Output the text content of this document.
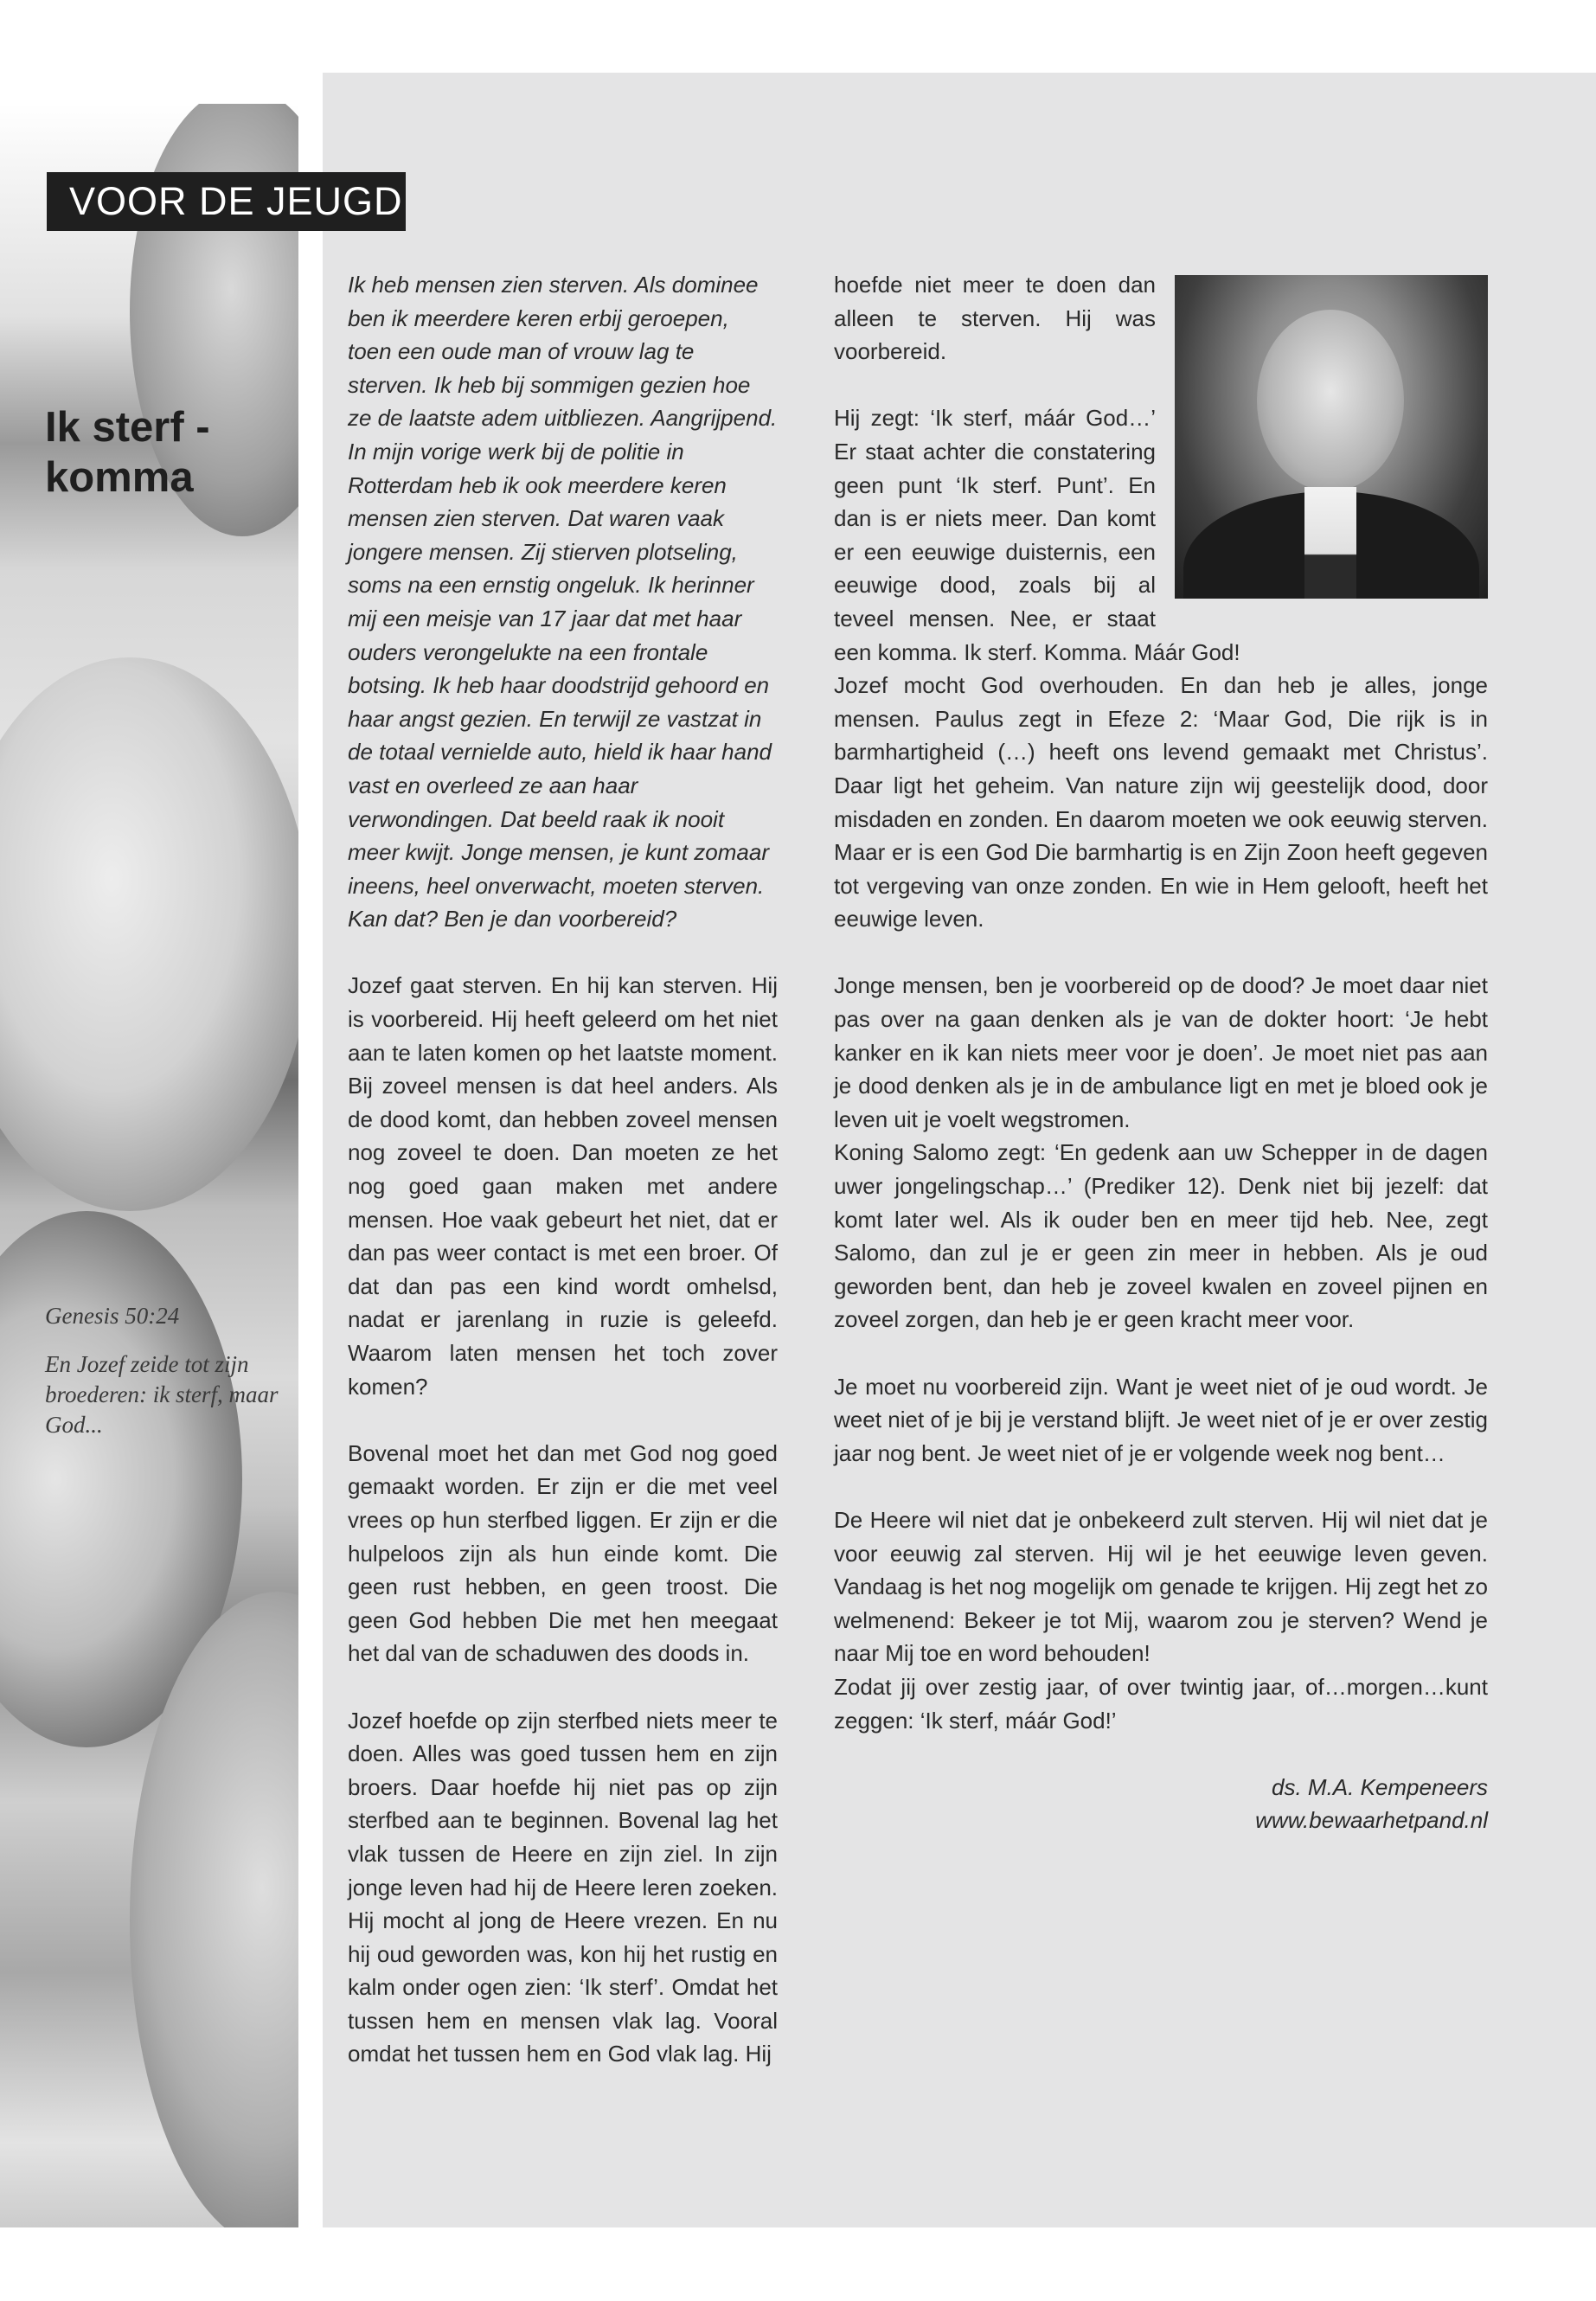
VOOR DE JEUGD
Ik sterf - komma
Genesis 50:24
En Jozef zeide tot zijn broederen: ik sterf, maar God...

Ik heb mensen zien sterven. Als dominee ben ik meerdere keren erbij geroepen, toen een oude man of vrouw lag te sterven. Ik heb bij sommigen gezien hoe ze de laatste adem uitbliezen. Aangrijpend. In mijn vorige werk bij de politie in Rotterdam heb ik ook meerdere keren mensen zien sterven. Dat waren vaak jongere mensen. Zij stierven plotseling, soms na een ernstig ongeluk. Ik herinner mij een meisje van 17 jaar dat met haar ouders verongelukte na een frontale botsing. Ik heb haar doodstrijd gehoord en haar angst gezien. En terwijl ze vastzat in de totaal vernielde auto, hield ik haar hand vast en overleed ze aan haar verwondingen. Dat beeld raak ik nooit meer kwijt. Jonge mensen, je kunt zomaar ineens, heel onverwacht, moeten sterven. Kan dat? Ben je dan voorbereid?

Jozef gaat sterven. En hij kan sterven. Hij is voorbereid. Hij heeft geleerd om het niet aan te laten komen op het laatste moment. Bij zoveel mensen is dat heel anders. Als de dood komt, dan hebben zoveel mensen nog zoveel te doen. Dan moeten ze het nog goed gaan maken met andere mensen. Hoe vaak gebeurt het niet, dat er dan pas weer contact is met een broer. Of dat dan pas een kind wordt omhelsd, nadat er jarenlang in ruzie is geleefd. Waarom laten mensen het toch zover komen?

Bovenal moet het dan met God nog goed gemaakt worden. Er zijn er die met veel vrees op hun sterfbed liggen. Er zijn er die hulpeloos zijn als hun einde komt. Die geen rust hebben, en geen troost. Die geen God hebben Die met hen meegaat het dal van de schaduwen des doods in.

Jozef hoefde op zijn sterfbed niets meer te doen. Alles was goed tussen hem en zijn broers. Daar hoefde hij niet pas op zijn sterfbed aan te beginnen. Bovenal lag het vlak tussen de Heere en zijn ziel. In zijn jonge leven had hij de Heere leren zoeken. Hij mocht al jong de Heere vrezen. En nu hij oud geworden was, kon hij het rustig en kalm onder ogen zien: ‘Ik sterf’. Omdat het tussen hem en mensen vlak lag. Vooral omdat het tussen hem en God vlak lag. Hij

hoefde niet meer te doen dan alleen te sterven. Hij was voorbereid.

Hij zegt: ‘Ik sterf, máár God…’ Er staat achter die constatering geen punt ‘Ik sterf. Punt’. En dan is er niets meer. Dan komt er een eeuwige duisternis, een eeuwige dood, zoals bij al teveel mensen. Nee, er staat een komma. Ik sterf. Komma. Máár God!

Jozef mocht God overhouden. En dan heb je alles, jonge mensen. Paulus zegt in Efeze 2: ‘Maar God, Die rijk is in barmhartigheid (…) heeft ons levend gemaakt met Christus’. Daar ligt het geheim. Van nature zijn wij geestelijk dood, door misdaden en zonden. En daarom moeten we ook eeuwig sterven. Maar er is een God Die barmhartig is en Zijn Zoon heeft gegeven tot vergeving van onze zonden. En wie in Hem gelooft, heeft het eeuwige leven.

Jonge mensen, ben je voorbereid op de dood? Je moet daar niet pas over na gaan denken als je van de dokter hoort: ‘Je hebt kanker en ik kan niets meer voor je doen’. Je moet niet pas aan je dood denken als je in de ambulance ligt en met je bloed ook je leven uit je voelt wegstromen.

Koning Salomo zegt: ‘En gedenk aan uw Schepper in de dagen uwer jongelingschap…’ (Prediker 12). Denk niet bij jezelf: dat komt later wel. Als ik ouder ben en meer tijd heb. Nee, zegt Salomo, dan zul je er geen zin meer in hebben. Als je oud geworden bent, dan heb je zoveel kwalen en zoveel pijnen en zoveel zorgen, dan heb je er geen kracht meer voor.

Je moet nu voorbereid zijn. Want je weet niet of je oud wordt. Je weet niet of je bij je verstand blijft. Je weet niet of je er over zestig jaar nog bent. Je weet niet of je er volgende week nog bent…

De Heere wil niet dat je onbekeerd zult sterven. Hij wil niet dat je voor eeuwig zal sterven. Hij wil je het eeuwige leven geven. Vandaag is het nog mogelijk om genade te krijgen. Hij zegt het zo welmenend: Bekeer je tot Mij, waarom zou je sterven? Wend je naar Mij toe en word behouden!

Zodat jij over zestig jaar, of over twintig jaar, of…morgen…kunt zeggen: ‘Ik sterf, máár God!’

ds. M.A. Kempeneers
www.bewaarhetpand.nl
